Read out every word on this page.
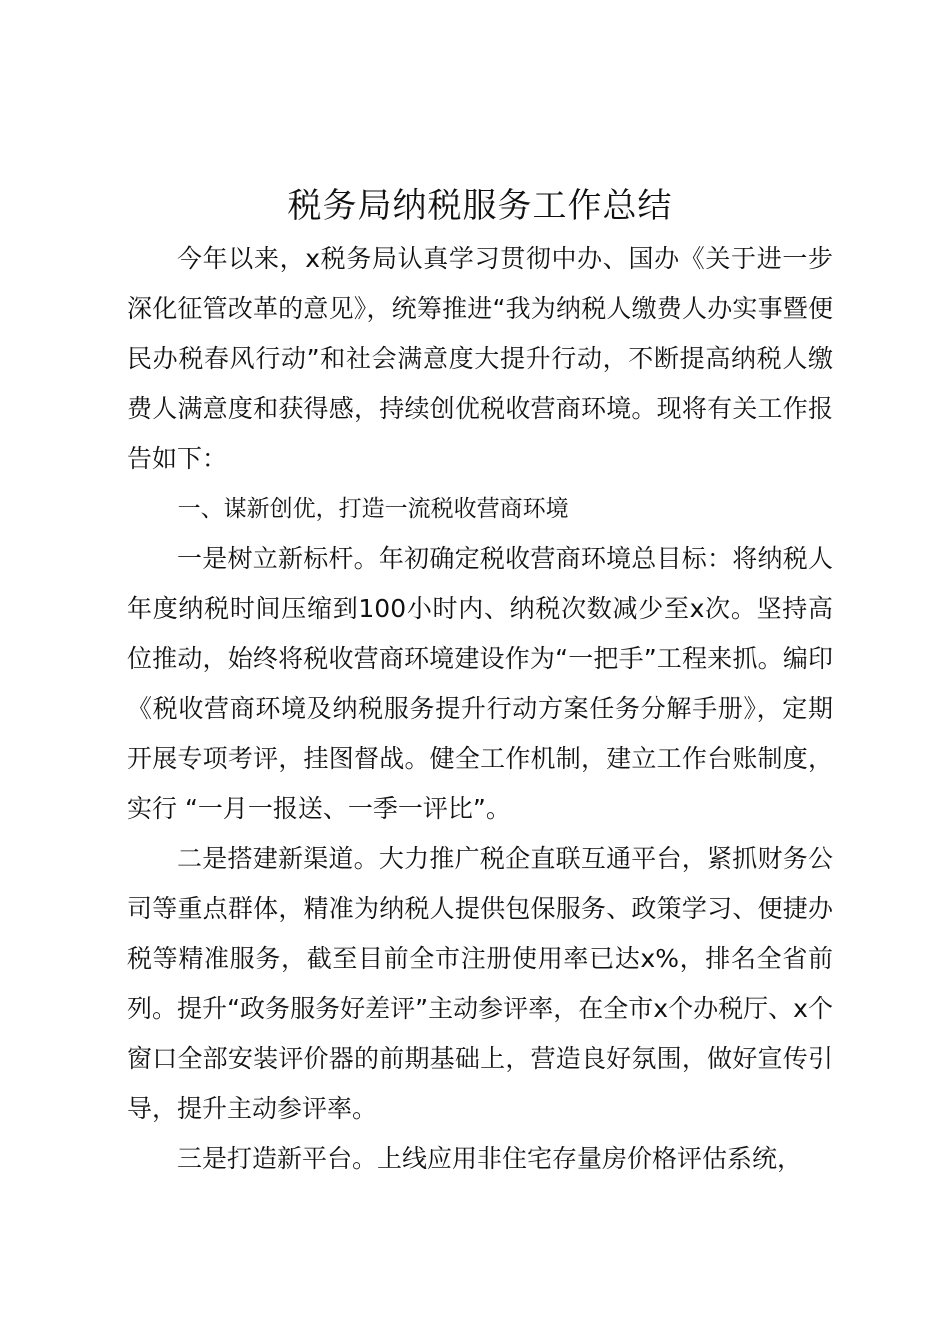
税务局纳税服务工作总结

今年以来，x税务局认真学习贯彻中办、国办《关于进一步深化征管改革的意见》，统筹推进“我为纳税人缴费人办实事暨便民办税春风行动”和社会满意度大提升行动，不断提高纳税人缴费人满意度和获得感，持续创优税收营商环境。现将有关工作报告如下：

一、谋新创优，打造一流税收营商环境

一是树立新标杆。年初确定税收营商环境总目标：将纳税人年度纳税时间压缩到100小时内、纳税次数减少至x次。坚持高位推动，始终将税收营商环境建设作为“一把手”工程来抓。编印《税收营商环境及纳税服务提升行动方案任务分解手册》，定期开展专项考评，挂图督战。健全工作机制，建立工作台账制度，实行 “一月一报送、一季一评比”。

二是搭建新渠道。大力推广税企直联互通平台，紧抓财务公司等重点群体，精准为纳税人提供包保服务、政策学习、便捷办税等精准服务，截至目前全市注册使用率已达x%，排名全省前列。提升“政务服务好差评”主动参评率，在全市x个办税厅、x个窗口全部安装评价器的前期基础上，营造良好氛围，做好宣传引导，提升主动参评率。

三是打造新平台。上线应用非住宅存量房价格评估系统，
